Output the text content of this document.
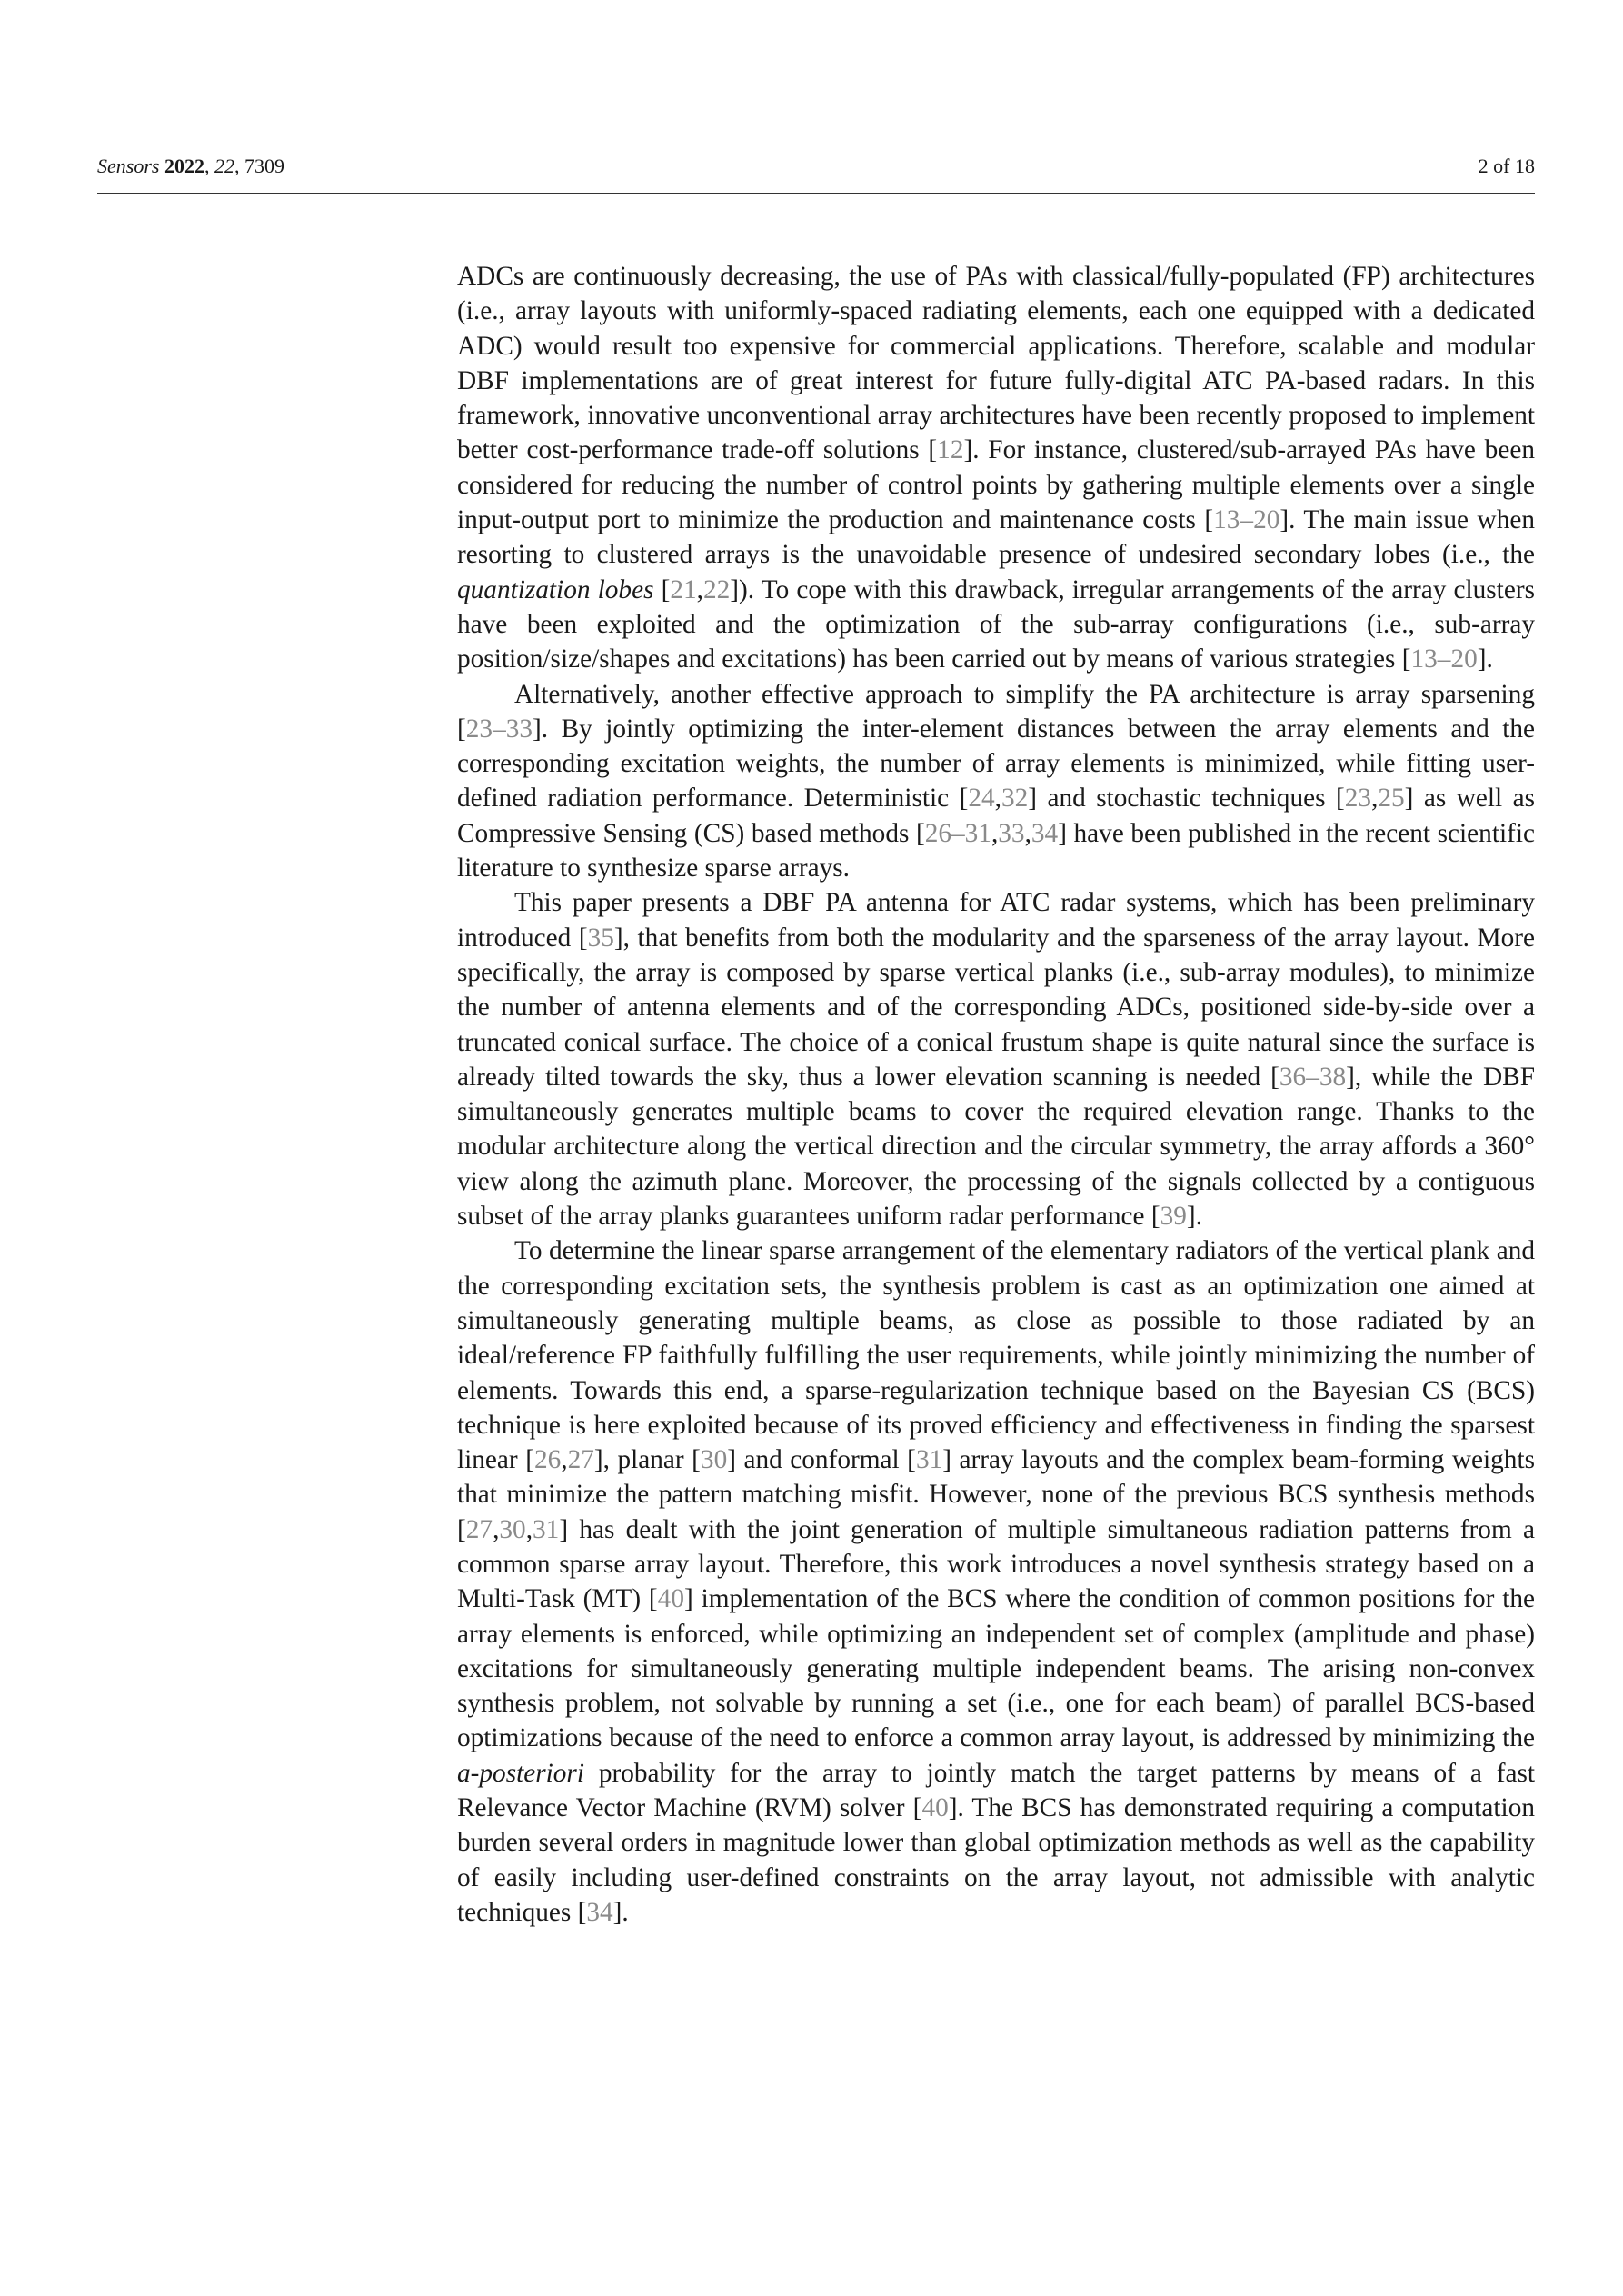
Sensors 2022, 22, 7309	2 of 18

ADCs are continuously decreasing, the use of PAs with classical/fully-populated (FP) architectures (i.e., array layouts with uniformly-spaced radiating elements, each one equipped with a dedicated ADC) would result too expensive for commercial applications. Therefore, scalable and modular DBF implementations are of great interest for future fully-digital ATC PA-based radars. In this framework, innovative unconventional array architectures have been recently proposed to implement better cost-performance trade-off solutions [12]. For instance, clustered/sub-arrayed PAs have been considered for reducing the number of control points by gathering multiple elements over a single input-output port to minimize the production and maintenance costs [13–20]. The main issue when resorting to clustered arrays is the unavoidable presence of undesired secondary lobes (i.e., the quantization lobes [21,22]). To cope with this drawback, irregular arrangements of the array clusters have been exploited and the optimization of the sub-array configurations (i.e., sub-array position/size/shapes and excitations) has been carried out by means of various strategies [13–20].

Alternatively, another effective approach to simplify the PA architecture is array sparsening [23–33]. By jointly optimizing the inter-element distances between the array elements and the corresponding excitation weights, the number of array elements is minimized, while fitting user-defined radiation performance. Deterministic [24,32] and stochastic techniques [23,25] as well as Compressive Sensing (CS) based methods [26–31,33,34] have been published in the recent scientific literature to synthesize sparse arrays.

This paper presents a DBF PA antenna for ATC radar systems, which has been preliminary introduced [35], that benefits from both the modularity and the sparseness of the array layout. More specifically, the array is composed by sparse vertical planks (i.e., sub-array modules), to minimize the number of antenna elements and of the corresponding ADCs, positioned side-by-side over a truncated conical surface. The choice of a conical frustum shape is quite natural since the surface is already tilted towards the sky, thus a lower elevation scanning is needed [36–38], while the DBF simultaneously generates multiple beams to cover the required elevation range. Thanks to the modular architecture along the vertical direction and the circular symmetry, the array affords a 360° view along the azimuth plane. Moreover, the processing of the signals collected by a contiguous subset of the array planks guarantees uniform radar performance [39].

To determine the linear sparse arrangement of the elementary radiators of the vertical plank and the corresponding excitation sets, the synthesis problem is cast as an optimization one aimed at simultaneously generating multiple beams, as close as possible to those radiated by an ideal/reference FP faithfully fulfilling the user requirements, while jointly minimizing the number of elements. Towards this end, a sparse-regularization technique based on the Bayesian CS (BCS) technique is here exploited because of its proved efficiency and effectiveness in finding the sparsest linear [26,27], planar [30] and conformal [31] array layouts and the complex beam-forming weights that minimize the pattern matching misfit. However, none of the previous BCS synthesis methods [27,30,31] has dealt with the joint generation of multiple simultaneous radiation patterns from a common sparse array layout. Therefore, this work introduces a novel synthesis strategy based on a Multi-Task (MT) [40] implementation of the BCS where the condition of common positions for the array elements is enforced, while optimizing an independent set of complex (amplitude and phase) excitations for simultaneously generating multiple independent beams. The arising non-convex synthesis problem, not solvable by running a set (i.e., one for each beam) of parallel BCS-based optimizations because of the need to enforce a common array layout, is addressed by minimizing the a-posteriori probability for the array to jointly match the target patterns by means of a fast Relevance Vector Machine (RVM) solver [40]. The BCS has demonstrated requiring a computation burden several orders in magnitude lower than global optimization methods as well as the capability of easily including user-defined constraints on the array layout, not admissible with analytic techniques [34].
